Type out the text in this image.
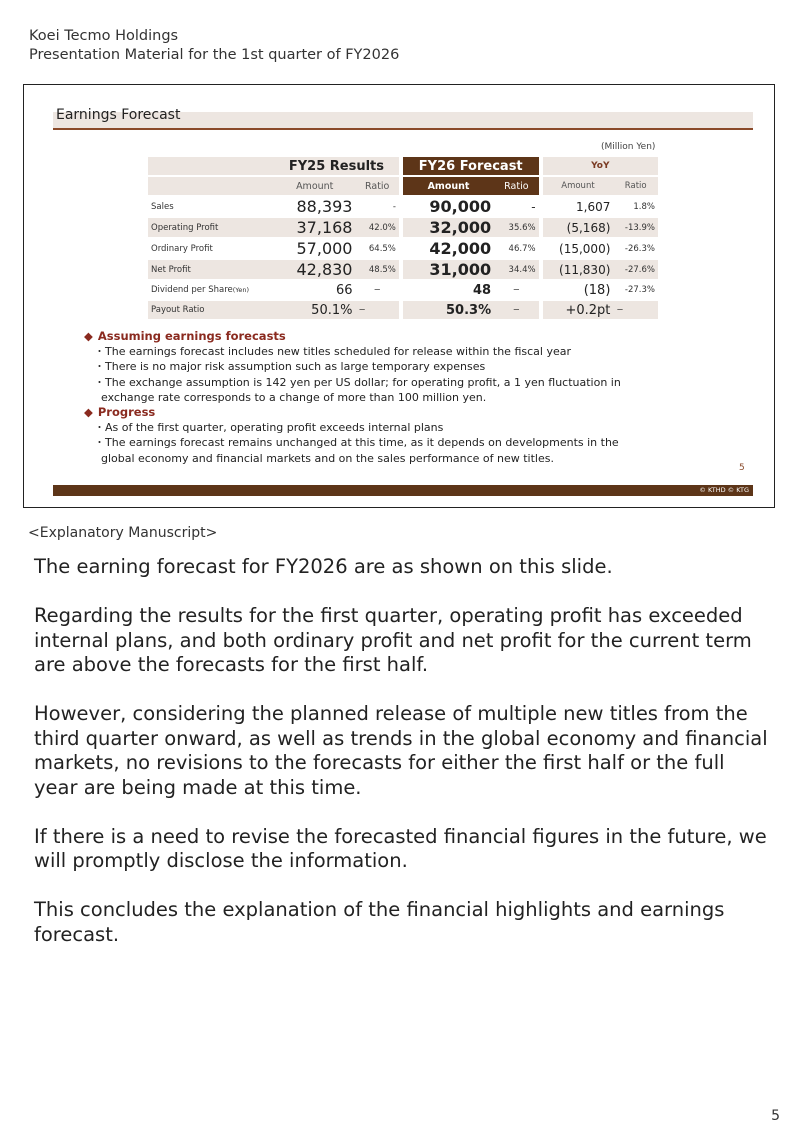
Koei Tecmo Holdings
Presentation Material for the 1st quarter of FY2026
Earnings Forecast
(Million Yen)
	FY25 Results			FY26 Forecast			YoY	
	Amount	Ratio		Amount	Ratio		Amount	Ratio
Sales	88,393	-		90,000	-		1,607	1.8%
Operating Profit	37,168	42.0%		32,000	35.6%		(5,168)	-13.9%
Ordinary Profit	57,000	64.5%		42,000	46.7%		(15,000)	-26.3%
Net Profit	42,830	48.5%		31,000	34.4%		(11,830)	-27.6%
Dividend per Share(Yen)	66	−		48	−		(18)	-27.3%
Payout Ratio	50.1%	−		50.3%	−		+0.2pt	−
◆ Assuming earnings forecasts
・The earnings forecast includes new titles scheduled for release within the fiscal year
・There is no major risk assumption such as large temporary expenses
・The exchange assumption is 142 yen per US dollar; for operating profit, a 1 yen fluctuation in
exchange rate corresponds to a change of more than 100 million yen.
◆ Progress
・As of the first quarter, operating profit exceeds internal plans
・The earnings forecast remains unchanged at this time, as it depends on developments in the
global economy and financial markets and on the sales performance of new titles.
5
© KTHD © KTG
<Explanatory Manuscript>

The earning forecast for FY2026 are as shown on this slide.

Regarding the results for the first quarter, operating profit has exceeded internal plans, and both ordinary profit and net profit for the current term are above the forecasts for the first half.

However, considering the planned release of multiple new titles from the third quarter onward, as well as trends in the global economy and financial markets, no revisions to the forecasts for either the first half or the full year are being made at this time.

If there is a need to revise the forecasted financial figures in the future, we will promptly disclose the information.

This concludes the explanation of the financial highlights and earnings forecast.

5
